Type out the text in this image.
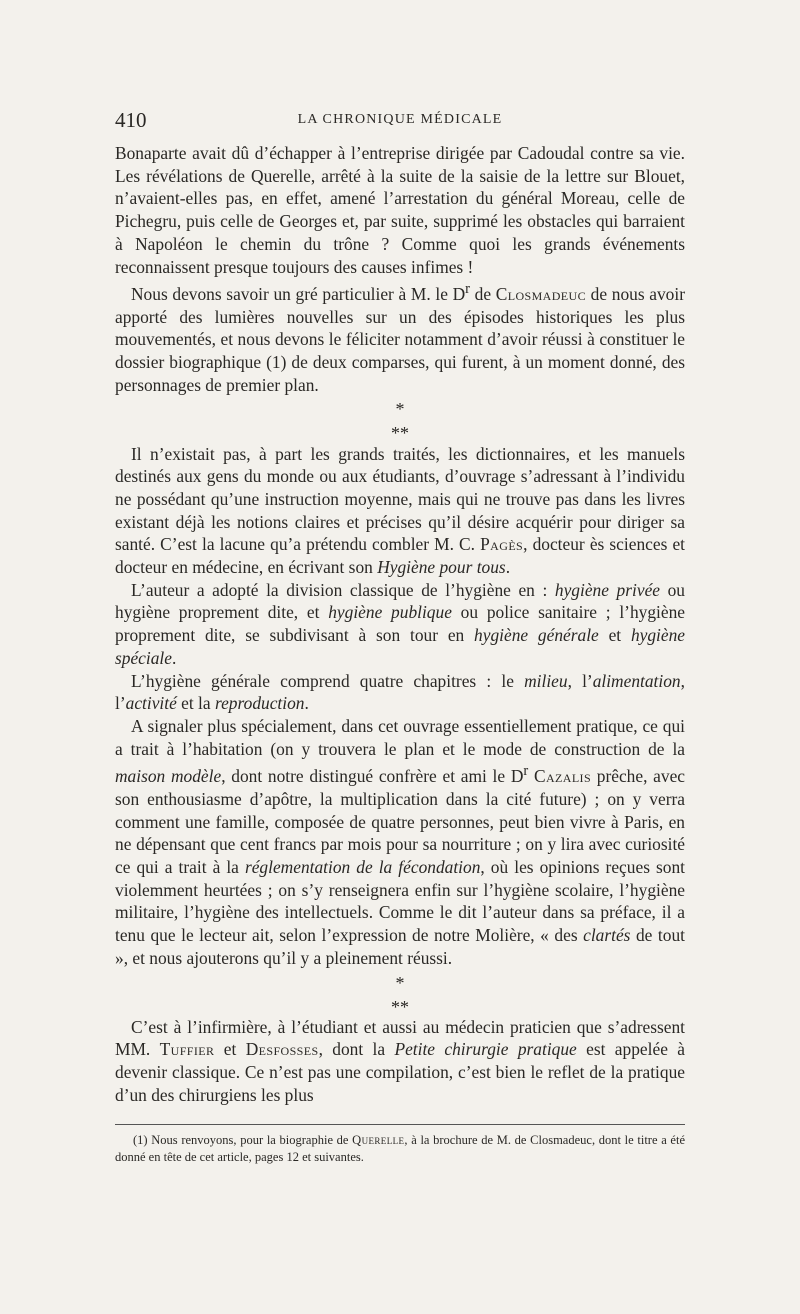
410	LA CHRONIQUE MÉDICALE

Bonaparte avait dû d’échapper à l’entreprise dirigée par Cadoudal contre sa vie. Les révélations de Querelle, arrêté à la suite de la saisie de la lettre sur Blouet, n’avaient-elles pas, en effet, amené l’arrestation du général Moreau, celle de Pichegru, puis celle de Georges et, par suite, supprimé les obstacles qui barraient à Napoléon le chemin du trône ? Comme quoi les grands événements reconnaissent presque toujours des causes infimes !

Nous devons savoir un gré particulier à M. le $D^r$ de Closmadeuc de nous avoir apporté des lumières nouvelles sur un des épisodes historiques les plus mouvementés, et nous devons le féliciter notamment d’avoir réussi à constituer le dossier biographique (1) de deux comparses, qui furent, à un moment donné, des personnages de premier plan.

Il n’existait pas, à part les grands traités, les dictionnaires, et les manuels destinés aux gens du monde ou aux étudiants, d’ouvrage s’adressant à l’individu ne possédant qu’une instruction moyenne, mais qui ne trouve pas dans les livres existant déjà les notions claires et précises qu’il désire acquérir pour diriger sa santé. C’est la lacune qu’a prétendu combler M. C. Pagès, docteur ès sciences et docteur en médecine, en écrivant son Hygiène pour tous.

L’auteur a adopté la division classique de l’hygiène en : hygiène privée ou hygiène proprement dite, et hygiène publique ou police sanitaire ; l’hygiène proprement dite, se subdivisant à son tour en hygiène générale et hygiène spéciale.

L’hygiène générale comprend quatre chapitres : le milieu, l’alimentation, l’activité et la reproduction.

A signaler plus spécialement, dans cet ouvrage essentiellement pratique, ce qui a trait à l’habitation (on y trouvera le plan et le mode de construction de la maison modèle, dont notre distingué confrère et ami le $D^r$ Cazalis prêche, avec son enthousiasme d’apôtre, la multiplication dans la cité future) ; on y verra comment une famille, composée de quatre personnes, peut bien vivre à Paris, en ne dépensant que cent francs par mois pour sa nourriture ; on y lira avec curiosité ce qui a trait à la réglementation de la fécondation, où les opinions reçues sont violemment heurtées ; on s’y renseignera enfin sur l’hygiène scolaire, l’hygiène militaire, l’hygiène des intellectuels. Comme le dit l’auteur dans sa préface, il a tenu que le lecteur ait, selon l’expression de notre Molière, « des clartés de tout », et nous ajouterons qu’il y a pleinement réussi.

C’est à l’infirmière, à l’étudiant et aussi au médecin praticien que s’adressent MM. Tuffier et Desfosses, dont la Petite chirurgie pratique est appelée à devenir classique. Ce n’est pas une compilation, c’est bien le reflet de la pratique d’un des chirurgiens les plus

*
**
*
**
(1) Nous renvoyons, pour la biographie de Querelle, à la brochure de M. de Closmadeuc, dont le titre a été donné en tête de cet article, pages 12 et suivantes.
